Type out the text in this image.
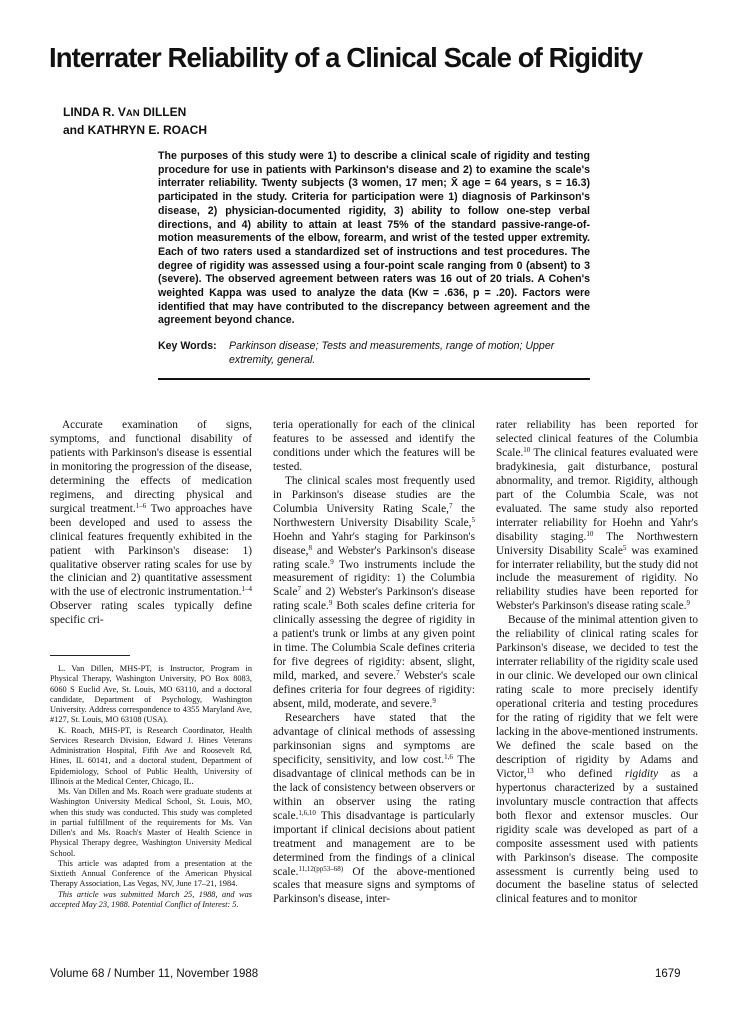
Interrater Reliability of a Clinical Scale of Rigidity
LINDA R. VAN DILLEN
and KATHRYN E. ROACH

The purposes of this study were 1) to describe a clinical scale of rigidity and testing procedure for use in patients with Parkinson's disease and 2) to examine the scale's interrater reliability. Twenty subjects (3 women, 17 men; X̄ age = 64 years, s = 16.3) participated in the study. Criteria for participation were 1) diagnosis of Parkinson's disease, 2) physician-documented rigidity, 3) ability to follow one-step verbal directions, and 4) ability to attain at least 75% of the standard passive-range-of-motion measurements of the elbow, forearm, and wrist of the tested upper extremity. Each of two raters used a standardized set of instructions and test procedures. The degree of rigidity was assessed using a four-point scale ranging from 0 (absent) to 3 (severe). The observed agreement between raters was 16 out of 20 trials. A Cohen's weighted Kappa was used to analyze the data (Kw = .636, p = .20). Factors were identified that may have contributed to the discrepancy between agreement and the agreement beyond chance.

Key Words: Parkinson disease; Tests and measurements, range of motion; Upper extremity, general.

Accurate examination of signs, symptoms, and functional disability of patients with Parkinson's disease is essential in monitoring the progression of the disease, determining the effects of medication regimens, and directing physical and surgical treatment.$^{1-6}$ Two approaches have been developed and used to assess the clinical features frequently exhibited in the patient with Parkinson's disease: 1) qualitative observer rating scales for use by the clinician and 2) quantitative assessment with the use of electronic instrumentation.$^{1-4}$ Observer rating scales typically define specific cri-

L. Van Dillen, MHS-PT, is Instructor, Program in Physical Therapy, Washington University, PO Box 8083, 6060 S Euclid Ave, St. Louis, MO 63110, and a doctoral candidate, Department of Psychology, Washington University. Address correspondence to 4355 Maryland Ave, #127, St. Louis, MO 63108 (USA).

K. Roach, MHS-PT, is Research Coordinator, Health Services Research Division, Edward J. Hines Veterans Administration Hospital, Fifth Ave and Roosevelt Rd, Hines, IL 60141, and a doctoral student, Department of Epidemiology, School of Public Health, University of Illinois at the Medical Center, Chicago, IL.

Ms. Van Dillen and Ms. Roach were graduate students at Washington University Medical School, St. Louis, MO, when this study was conducted. This study was completed in partial fulfillment of the requirements for Ms. Van Dillen's and Ms. Roach's Master of Health Science in Physical Therapy degree, Washington University Medical School.

This article was adapted from a presentation at the Sixtieth Annual Conference of the American Physical Therapy Association, Las Vegas, NV, June 17–21, 1984.

This article was submitted March 25, 1988, and was accepted May 23, 1988. Potential Conflict of Interest: 5.

teria operationally for each of the clinical features to be assessed and identify the conditions under which the features will be tested.

The clinical scales most frequently used in Parkinson's disease studies are the Columbia University Rating Scale,$^7$ the Northwestern University Disability Scale,$^5$ Hoehn and Yahr's staging for Parkinson's disease,$^8$ and Webster's Parkinson's disease rating scale.$^9$ Two instruments include the measurement of rigidity: 1) the Columbia Scale$^7$ and 2) Webster's Parkinson's disease rating scale.$^9$ Both scales define criteria for clinically assessing the degree of rigidity in a patient's trunk or limbs at any given point in time. The Columbia Scale defines criteria for five degrees of rigidity: absent, slight, mild, marked, and severe.$^7$ Webster's scale defines criteria for four degrees of rigidity: absent, mild, moderate, and severe.$^9$

Researchers have stated that the advantage of clinical methods of assessing parkinsonian signs and symptoms are specificity, sensitivity, and low cost.$^{1,6}$ The disadvantage of clinical methods can be in the lack of consistency between observers or within an observer using the rating scale.$^{1,6,10}$ This disadvantage is particularly important if clinical decisions about patient treatment and management are to be determined from the findings of a clinical scale.$^{11,12(pp53-68)}$ Of the above-mentioned scales that measure signs and symptoms of Parkinson's disease, inter-

rater reliability has been reported for selected clinical features of the Columbia Scale.$^{10}$ The clinical features evaluated were bradykinesia, gait disturbance, postural abnormality, and tremor. Rigidity, although part of the Columbia Scale, was not evaluated. The same study also reported interrater reliability for Hoehn and Yahr's disability staging.$^{10}$ The Northwestern University Disability Scale$^5$ was examined for interrater reliability, but the study did not include the measurement of rigidity. No reliability studies have been reported for Webster's Parkinson's disease rating scale.$^9$

Because of the minimal attention given to the reliability of clinical rating scales for Parkinson's disease, we decided to test the interrater reliability of the rigidity scale used in our clinic. We developed our own clinical rating scale to more precisely identify operational criteria and testing procedures for the rating of rigidity that we felt were lacking in the above-mentioned instruments. We defined the scale based on the description of rigidity by Adams and Victor,$^{13}$ who defined rigidity as a hypertonus characterized by a sustained involuntary muscle contraction that affects both flexor and extensor muscles. Our rigidity scale was developed as part of a composite assessment used with patients with Parkinson's disease. The composite assessment is currently being used to document the baseline status of selected clinical features and to monitor

Volume 68 / Number 11, November 1988	1679
